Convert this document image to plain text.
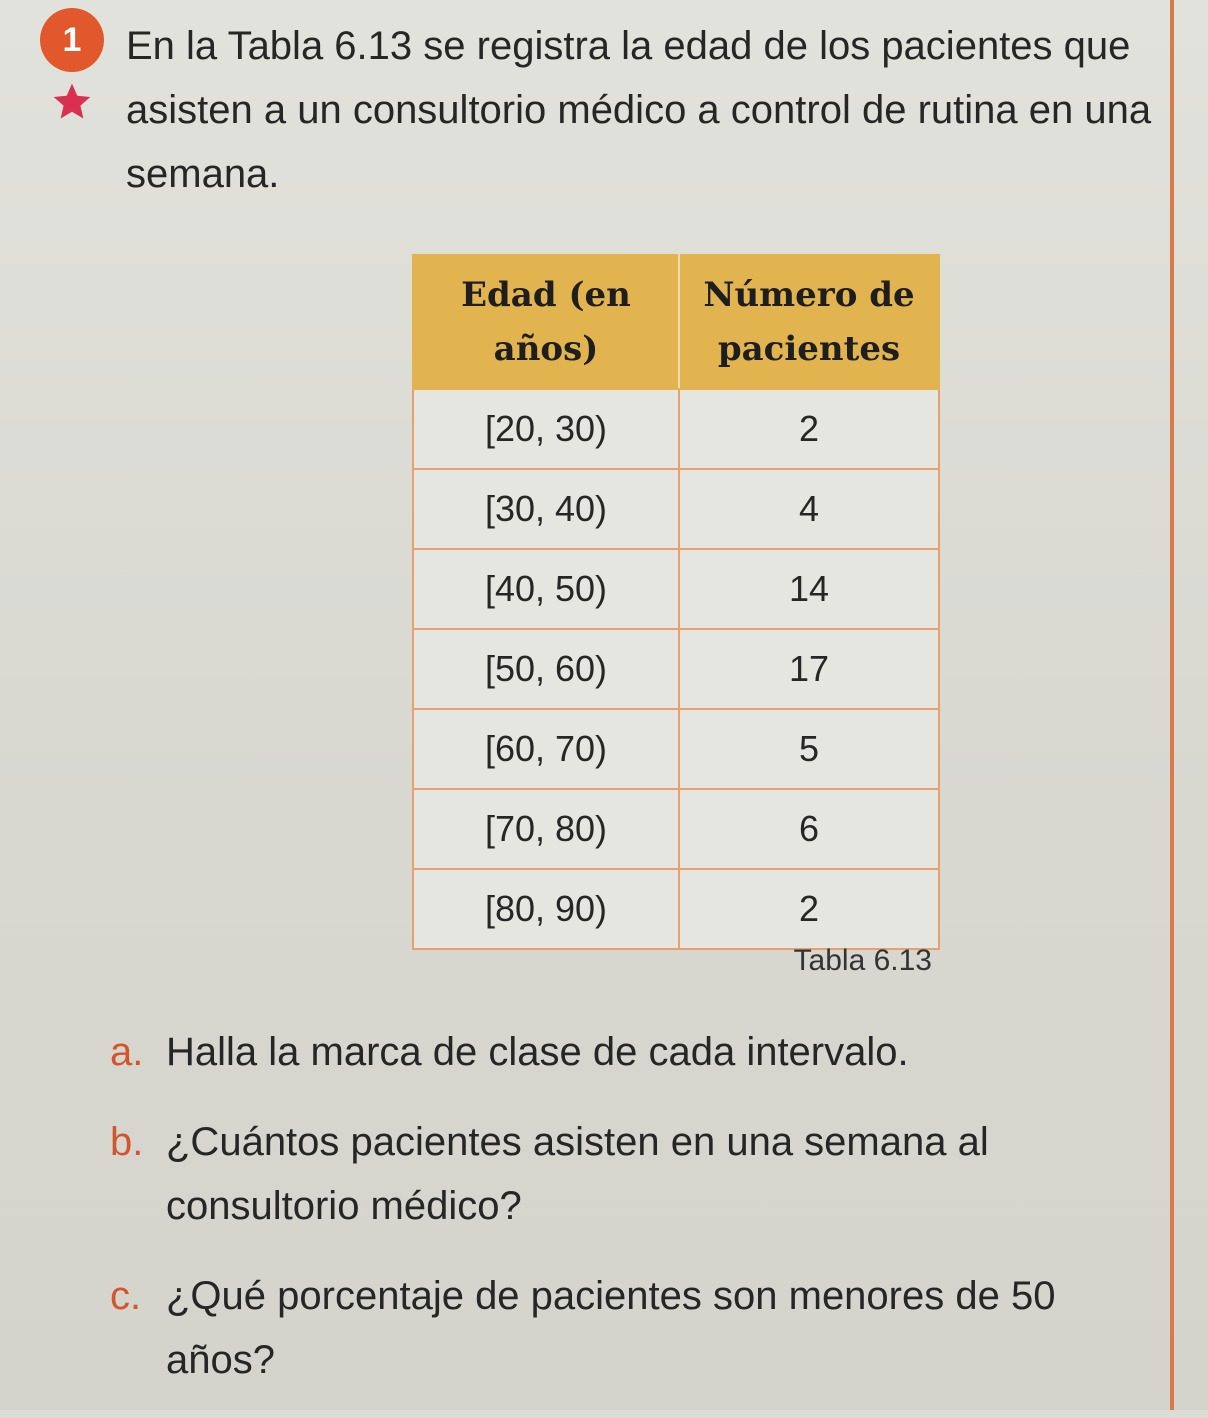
1	En la Tabla 6.13 se registra la edad de los pacientes que asisten a un consultorio médico a control de rutina en una semana.
Edad (en años)	Número de pacientes
[20, 30)	2
[30, 40)	4
[40, 50)	14
[50, 60)	17
[60, 70)	5
[70, 80)	6
[80, 90)	2
Tabla 6.13
a. Halla la marca de clase de cada intervalo.
b. ¿Cuántos pacientes asisten en una semana al consultorio médico?
c. ¿Qué porcentaje de pacientes son menores de 50 años?
